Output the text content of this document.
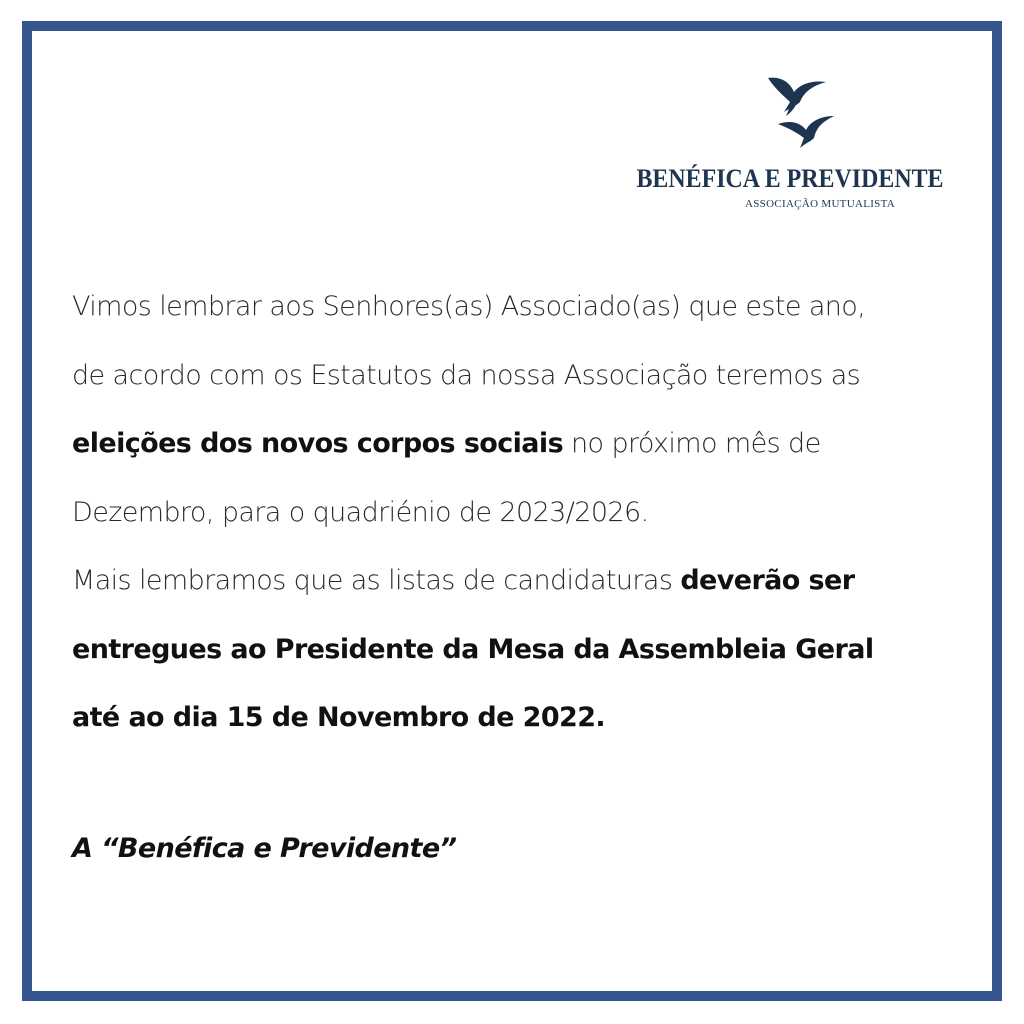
BENÉFICA E PREVIDENTE
ASSOCIAÇÃO MUTUALISTA
Vimos lembrar aos Senhores(as) Associado(as) que este ano,
de acordo com os Estatutos da nossa Associação teremos as
eleições dos novos corpos sociais no próximo mês de
Dezembro, para o quadriénio de 2023/2026.
Mais lembramos que as listas de candidaturas deverão ser
entregues ao Presidente da Mesa da Assembleia Geral
até ao dia 15 de Novembro de 2022.
A “Benéfica e Previdente”
